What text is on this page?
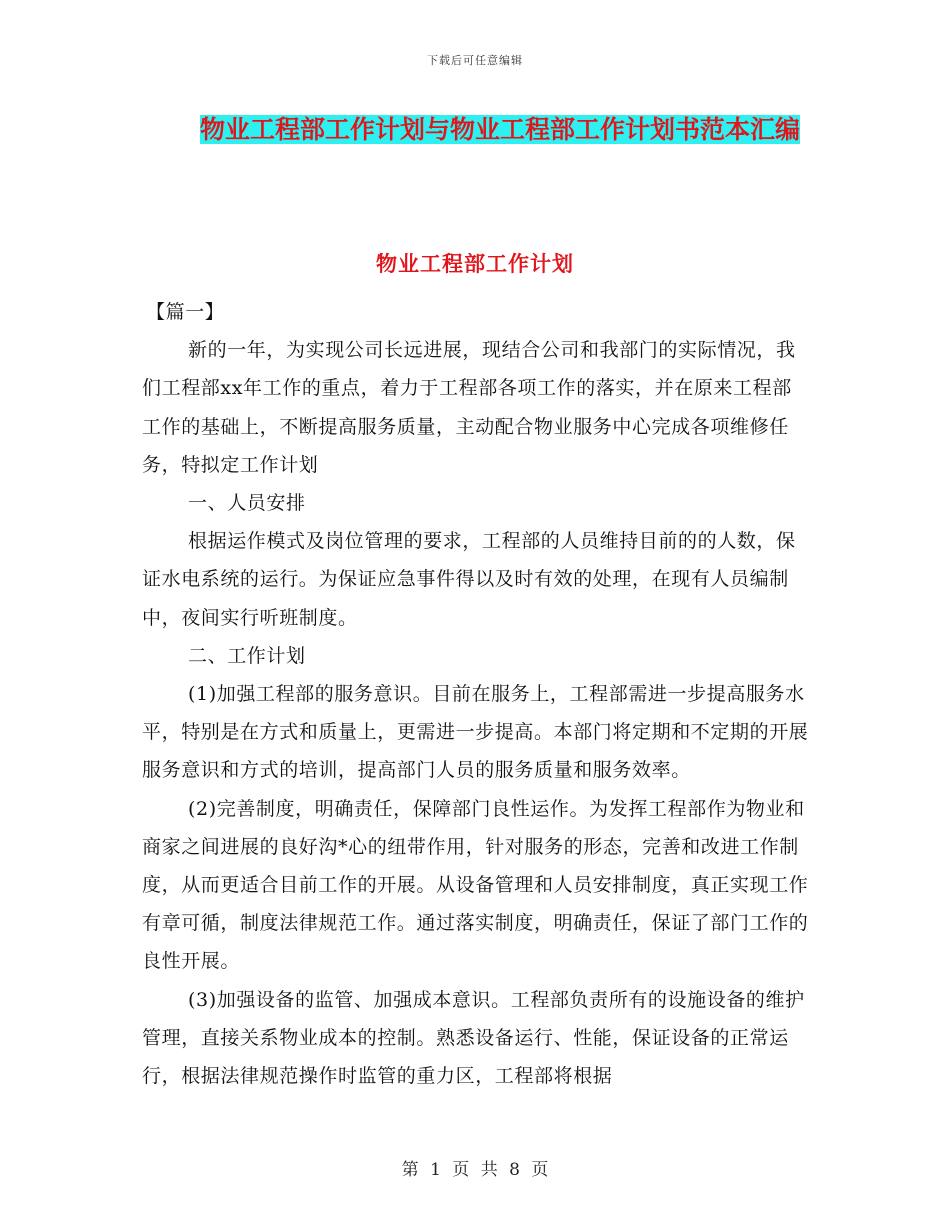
下载后可任意编辑
物业工程部工作计划与物业工程部工作计划书范本汇编
物业工程部工作计划

【篇一】

新的一年，为实现公司长远进展，现结合公司和我部门的实际情况，我们工程部xx年工作的重点，着力于工程部各项工作的落实，并在原来工程部工作的基础上，不断提高服务质量，主动配合物业服务中心完成各项维修任务，特拟定工作计划

一、人员安排

根据运作模式及岗位管理的要求，工程部的人员维持目前的的人数，保证水电系统的运行。为保证应急事件得以及时有效的处理，在现有人员编制中，夜间实行听班制度。

二、工作计划

(1)加强工程部的服务意识。目前在服务上，工程部需进一步提高服务水平，特别是在方式和质量上，更需进一步提高。本部门将定期和不定期的开展服务意识和方式的培训，提高部门人员的服务质量和服务效率。

(2)完善制度，明确责任，保障部门良性运作。为发挥工程部作为物业和商家之间进展的良好沟*心的纽带作用，针对服务的形态，完善和改进工作制度，从而更适合目前工作的开展。从设备管理和人员安排制度，真正实现工作有章可循，制度法律规范工作。通过落实制度，明确责任，保证了部门工作的良性开展。

(3)加强设备的监管、加强成本意识。工程部负责所有的设施设备的维护管理，直接关系物业成本的控制。熟悉设备运行、性能，保证设备的正常运行，根据法律规范操作时监管的重力区，工程部将根据

第 1 页 共 8 页
